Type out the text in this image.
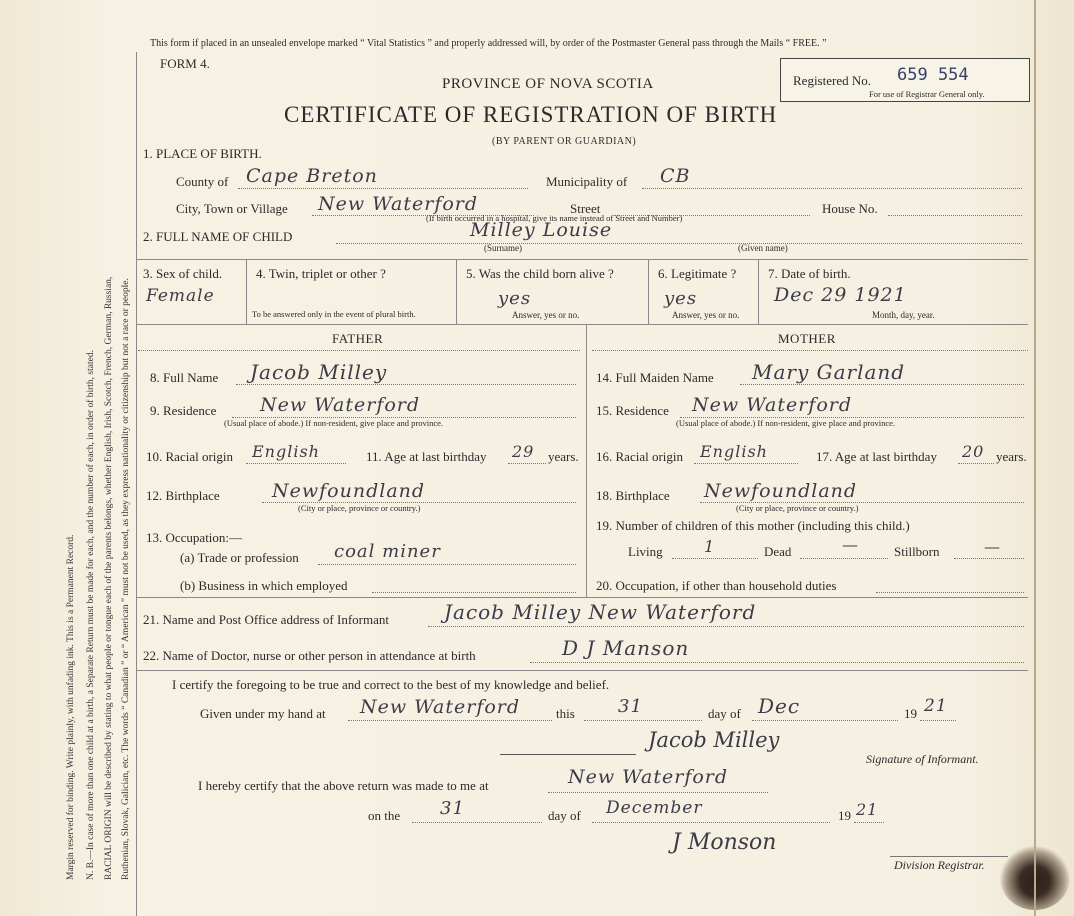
Margin reserved for binding. Write plainly, with unfading ink. This is a Permanent Record. N. B.—In case of more than one child at a birth, a Separate Return must be made for each, and the number of each, in order of birth, stated. RACIAL ORIGIN will be described by stating to what people or tongue each of the parents belongs, whether English, Irish, Scotch, French, German, Russian, Ruthenian, Slovak, Galician, etc. The words “ Canadian ” or “ American ” must not be used, as they express nationality or citizenship but not a race or people.
This form if placed in an unsealed envelope marked “ Vital Statistics ” and properly addressed will, by order of the Postmaster General pass through the Mails “ FREE. ”
FORM 4.
PROVINCE OF NOVA SCOTIA
CERTIFICATE OF REGISTRATION OF BIRTH
(BY PARENT OR GUARDIAN)
Registered No. 659 554
For use of Registrar General only.
1. PLACE OF BIRTH.
County of Cape Breton	Municipality of CB
City, Town or Village New Waterford	Street	House No.
(If birth occurred in a hospital, give its name instead of Street and Number)
2. FULL NAME OF CHILD	Milley Louise
(Surname)	(Given name)
3. Sex of child.
Female
4. Twin, triplet or other ?
To be answered only in the event of plural birth.
5. Was the child born alive ?
yes
Answer, yes or no.
6. Legitimate ?
yes
Answer, yes or no.
7. Date of birth.
Dec 29 1921
Month, day, year.
FATHER	MOTHER
8. Full Name Jacob Milley
9. Residence New Waterford
(Usual place of abode.) If non-resident, give place and province.
10. Racial origin English	11. Age at last birthday 29 years.
12. Birthplace	Newfoundland
(City or place, province or country.)
13. Occupation:—
(a) Trade or profession coal miner
(b) Business in which employed
14. Full Maiden Name Mary Garland
15. Residence New Waterford
(Usual place of abode.) If non-resident, give place and province.
16. Racial origin English	17. Age at last birthday 20 years.
18. Birthplace Newfoundland
(City or place, province or country.)
19. Number of children of this mother (including this child.)
Living	1	Dead	—	Stillborn	—
20. Occupation, if other than household duties
21. Name and Post Office address of Informant	Jacob Milley New Waterford
22. Name of Doctor, nurse or other person in attendance at birth	D J Manson
I certify the foregoing to be true and correct to the best of my knowledge and belief.
Given under my hand at New Waterford	this 31	day of Dec	19 21
Jacob Milley
Signature of Informant.
I hereby certify that the above return was made to me at	New Waterford
on the 31	day of December	19 21
J Monson
Division Registrar.
